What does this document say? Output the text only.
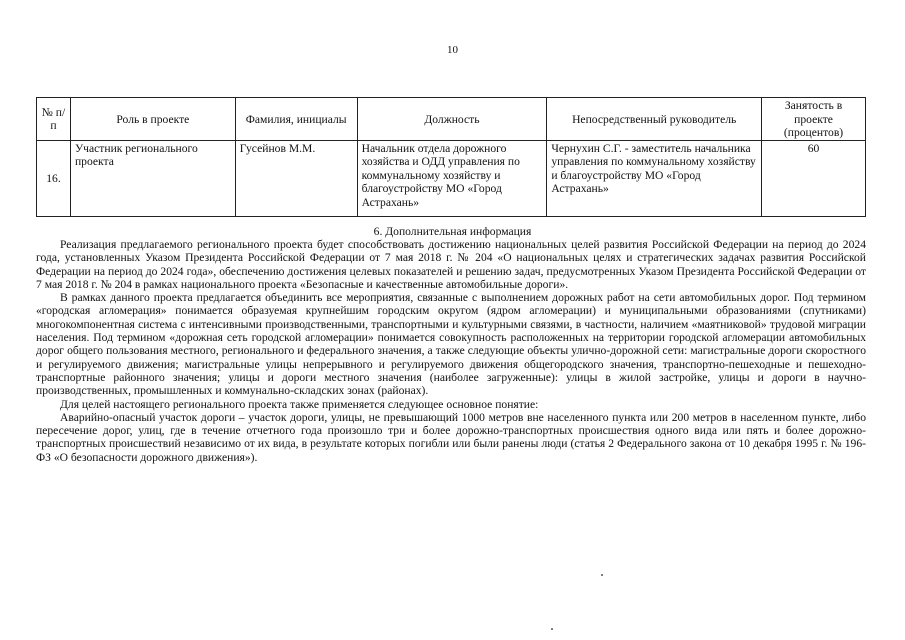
10
№ п/п	Роль в проекте	Фамилия, инициалы	Должность	Непосредственный руководитель	Занятость в проекте (процентов)
16.	Участник регионального проекта	Гусейнов М.М.	Начальник отдела дорожного хозяйства и ОДД управления по коммунальному хозяйству и благоустройству МО «Город Астрахань»	Чернухин С.Г. - заместитель начальника управления по коммунальному хозяйству и благоустройству МО «Город Астрахань»	60
6. Дополнительная информация

Реализация предлагаемого регионального проекта будет способствовать достижению национальных целей развития Российской Федерации на период до 2024 года, установленных Указом Президента Российской Федерации от 7 мая 2018 г. № 204 «О национальных целях и стратегических задачах развития Российской Федерации на период до 2024 года», обеспечению достижения целевых показателей и решению задач, предусмотренных Указом Президента Российской Федерации от 7 мая 2018 г. № 204 в рамках национального проекта «Безопасные и качественные автомобильные дороги».

В рамках данного проекта предлагается объединить все мероприятия, связанные с выполнением дорожных работ на сети автомобильных дорог. Под термином «городская агломерация» понимается образуемая крупнейшим городским округом (ядром агломерации) и муниципальными образованиями (спутниками) многокомпонентная система с интенсивными производственными, транспортными и культурными связями, в частности, наличием «маятниковой» трудовой миграции населения. Под термином «дорожная сеть городской агломерации» понимается совокупность расположенных на территории городской агломерации автомобильных дорог общего пользования местного, регионального и федерального значения, а также следующие объекты улично-дорожной сети: магистральные дороги скоростного и регулируемого движения; магистральные улицы непрерывного и регулируемого движения общегородского значения, транспортно-пешеходные и пешеходно-транспортные районного значения; улицы и дороги местного значения (наиболее загруженные): улицы в жилой застройке, улицы и дороги в научно-производственных, промышленных и коммунально-складских зонах (районах).

Для целей настоящего регионального проекта также применяется следующее основное понятие:

Аварийно-опасный участок дороги – участок дороги, улицы, не превышающий 1000 метров вне населенного пункта или 200 метров в населенном пункте, либо пересечение дорог, улиц, где в течение отчетного года произошло три и более дорожно-транспортных происшествия одного вида или пять и более дорожно-транспортных происшествий независимо от их вида, в результате которых погибли или были ранены люди (статья 2 Федерального закона от 10 декабря 1995 г. № 196-ФЗ «О безопасности дорожного движения»).
